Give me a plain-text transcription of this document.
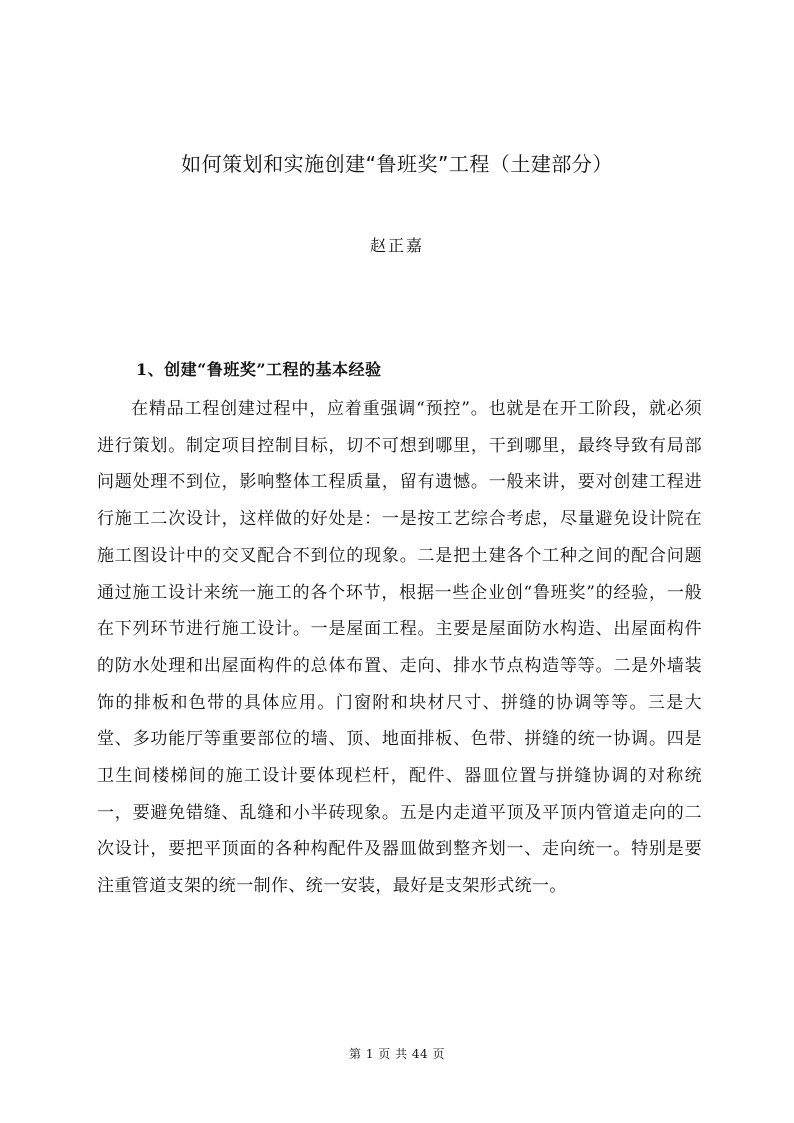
如何策划和实施创建“鲁班奖”工程（土建部分）
赵正嘉
1、创建“鲁班奖”工程的基本经验

在精品工程创建过程中，应着重强调“预控”。也就是在开工阶段，就必须进行策划。制定项目控制目标，切不可想到哪里，干到哪里，最终导致有局部问题处理不到位，影响整体工程质量，留有遗憾。一般来讲，要对创建工程进行施工二次设计，这样做的好处是：一是按工艺综合考虑，尽量避免设计院在施工图设计中的交叉配合不到位的现象。二是把土建各个工种之间的配合问题通过施工设计来统一施工的各个环节，根据一些企业创“鲁班奖”的经验，一般在下列环节进行施工设计。一是屋面工程。主要是屋面防水构造、出屋面构件的防水处理和出屋面构件的总体布置、走向、排水节点构造等等。二是外墙装饰的排板和色带的具体应用。门窗附和块材尺寸、拼缝的协调等等。三是大堂、多功能厅等重要部位的墙、顶、地面排板、色带、拼缝的统一协调。四是卫生间楼梯间的施工设计要体现栏杆，配件、器皿位置与拼缝协调的对称统一，要避免错缝、乱缝和小半砖现象。五是内走道平顶及平顶内管道走向的二次设计，要把平顶面的各种构配件及器皿做到整齐划一、走向统一。特别是要注重管道支架的统一制作、统一安装，最好是支架形式统一。

第 1 页 共 44 页
